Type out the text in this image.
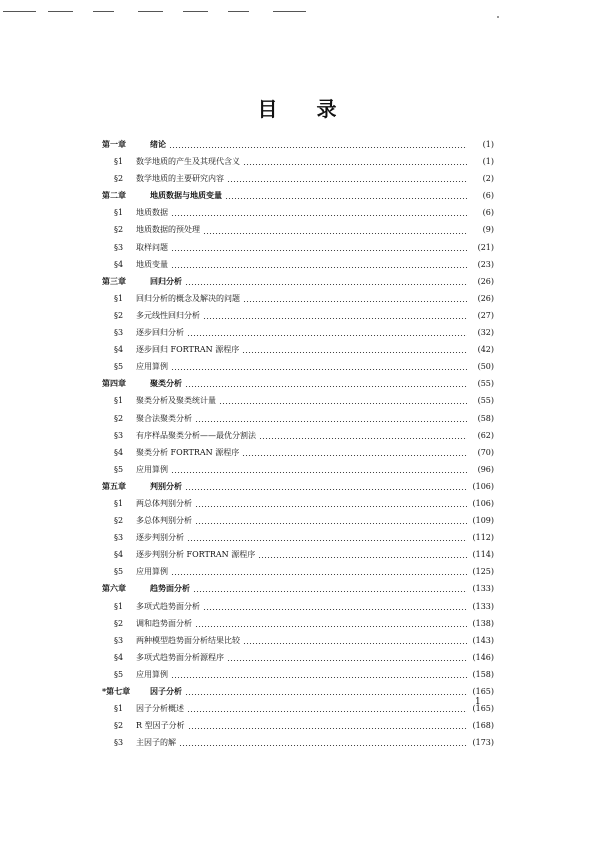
目 录
第一章	绪论	(1)
§1 数学地质的产生及其现代含义	(1)
§2 数学地质的主要研究内容	(2)
第二章	地质数据与地质变量	(6)
§1 地质数据	(6)
§2 地质数据的预处理	(9)
§3 取样问题	(21)
§4 地质变量	(23)
第三章	回归分析	(26)
§1 回归分析的概念及解决的问题	(26)
§2 多元线性回归分析	(27)
§3 逐步回归分析	(32)
§4 逐步回归 FORTRAN 源程序	(42)
§5 应用算例	(50)
第四章	聚类分析	(55)
§1 聚类分析及聚类统计量	(55)
§2 聚合法聚类分析	(58)
§3 有序样品聚类分析——最优分割法	(62)
§4 聚类分析 FORTRAN 源程序	(70)
§5 应用算例	(96)
第五章	判别分析	(106)
§1 两总体判别分析	(106)
§2 多总体判别分析	(109)
§3 逐步判别分析	(112)
§4 逐步判别分析 FORTRAN 源程序	(114)
§5 应用算例	(125)
第六章	趋势面分析	(133)
§1 多项式趋势面分析	(133)
§2 调和趋势面分析	(138)
§3 两种模型趋势面分析结果比较	(143)
§4 多项式趋势面分析源程序	(146)
§5 应用算例	(158)
*第七章 因子分析	(165)
§1 因子分析概述	(165)
§2 R 型因子分析	(168)
§3 主因子的解	(173)
1
